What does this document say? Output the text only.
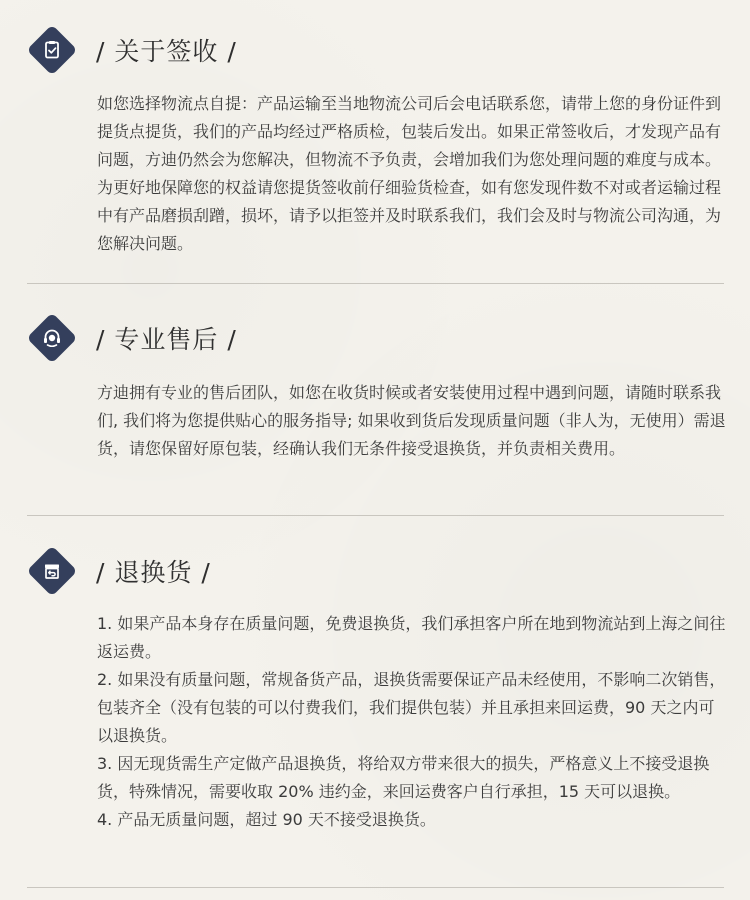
/ 关于签收 /

如您选择物流点自提：产品运输至当地物流公司后会电话联系您，请带上您的身份证件到提货点提货，我们的产品均经过严格质检，包装后发出。如果正常签收后，才发现产品有问题，方迪仍然会为您解决，但物流不予负责，会增加我们为您处理问题的难度与成本。为更好地保障您的权益请您提货签收前仔细验货检查，如有您发现件数不对或者运输过程中有产品磨损刮蹭，损坏，请予以拒签并及时联系我们，我们会及时与物流公司沟通，为您解决问题。

/ 专业售后 /

方迪拥有专业的售后团队，如您在收货时候或者安装使用过程中遇到问题，请随时联系我们, 我们将为您提供贴心的服务指导; 如果收到货后发现质量问题（非人为，无使用）需退货，请您保留好原包装，经确认我们无条件接受退换货，并负责相关费用。

/ 退换货 /

1. 如果产品本身存在质量问题，免费退换货，我们承担客户所在地到物流站到上海之间往返运费。

2. 如果没有质量问题，常规备货产品，退换货需要保证产品未经使用，不影响二次销售，包装齐全（没有包装的可以付费我们，我们提供包装）并且承担来回运费，90 天之内可以退换货。

3. 因无现货需生产定做产品退换货，将给双方带来很大的损失，严格意义上不接受退换货，特殊情况，需要收取 20% 违约金，来回运费客户自行承担，15 天可以退换。

4. 产品无质量问题，超过 90 天不接受退换货。
